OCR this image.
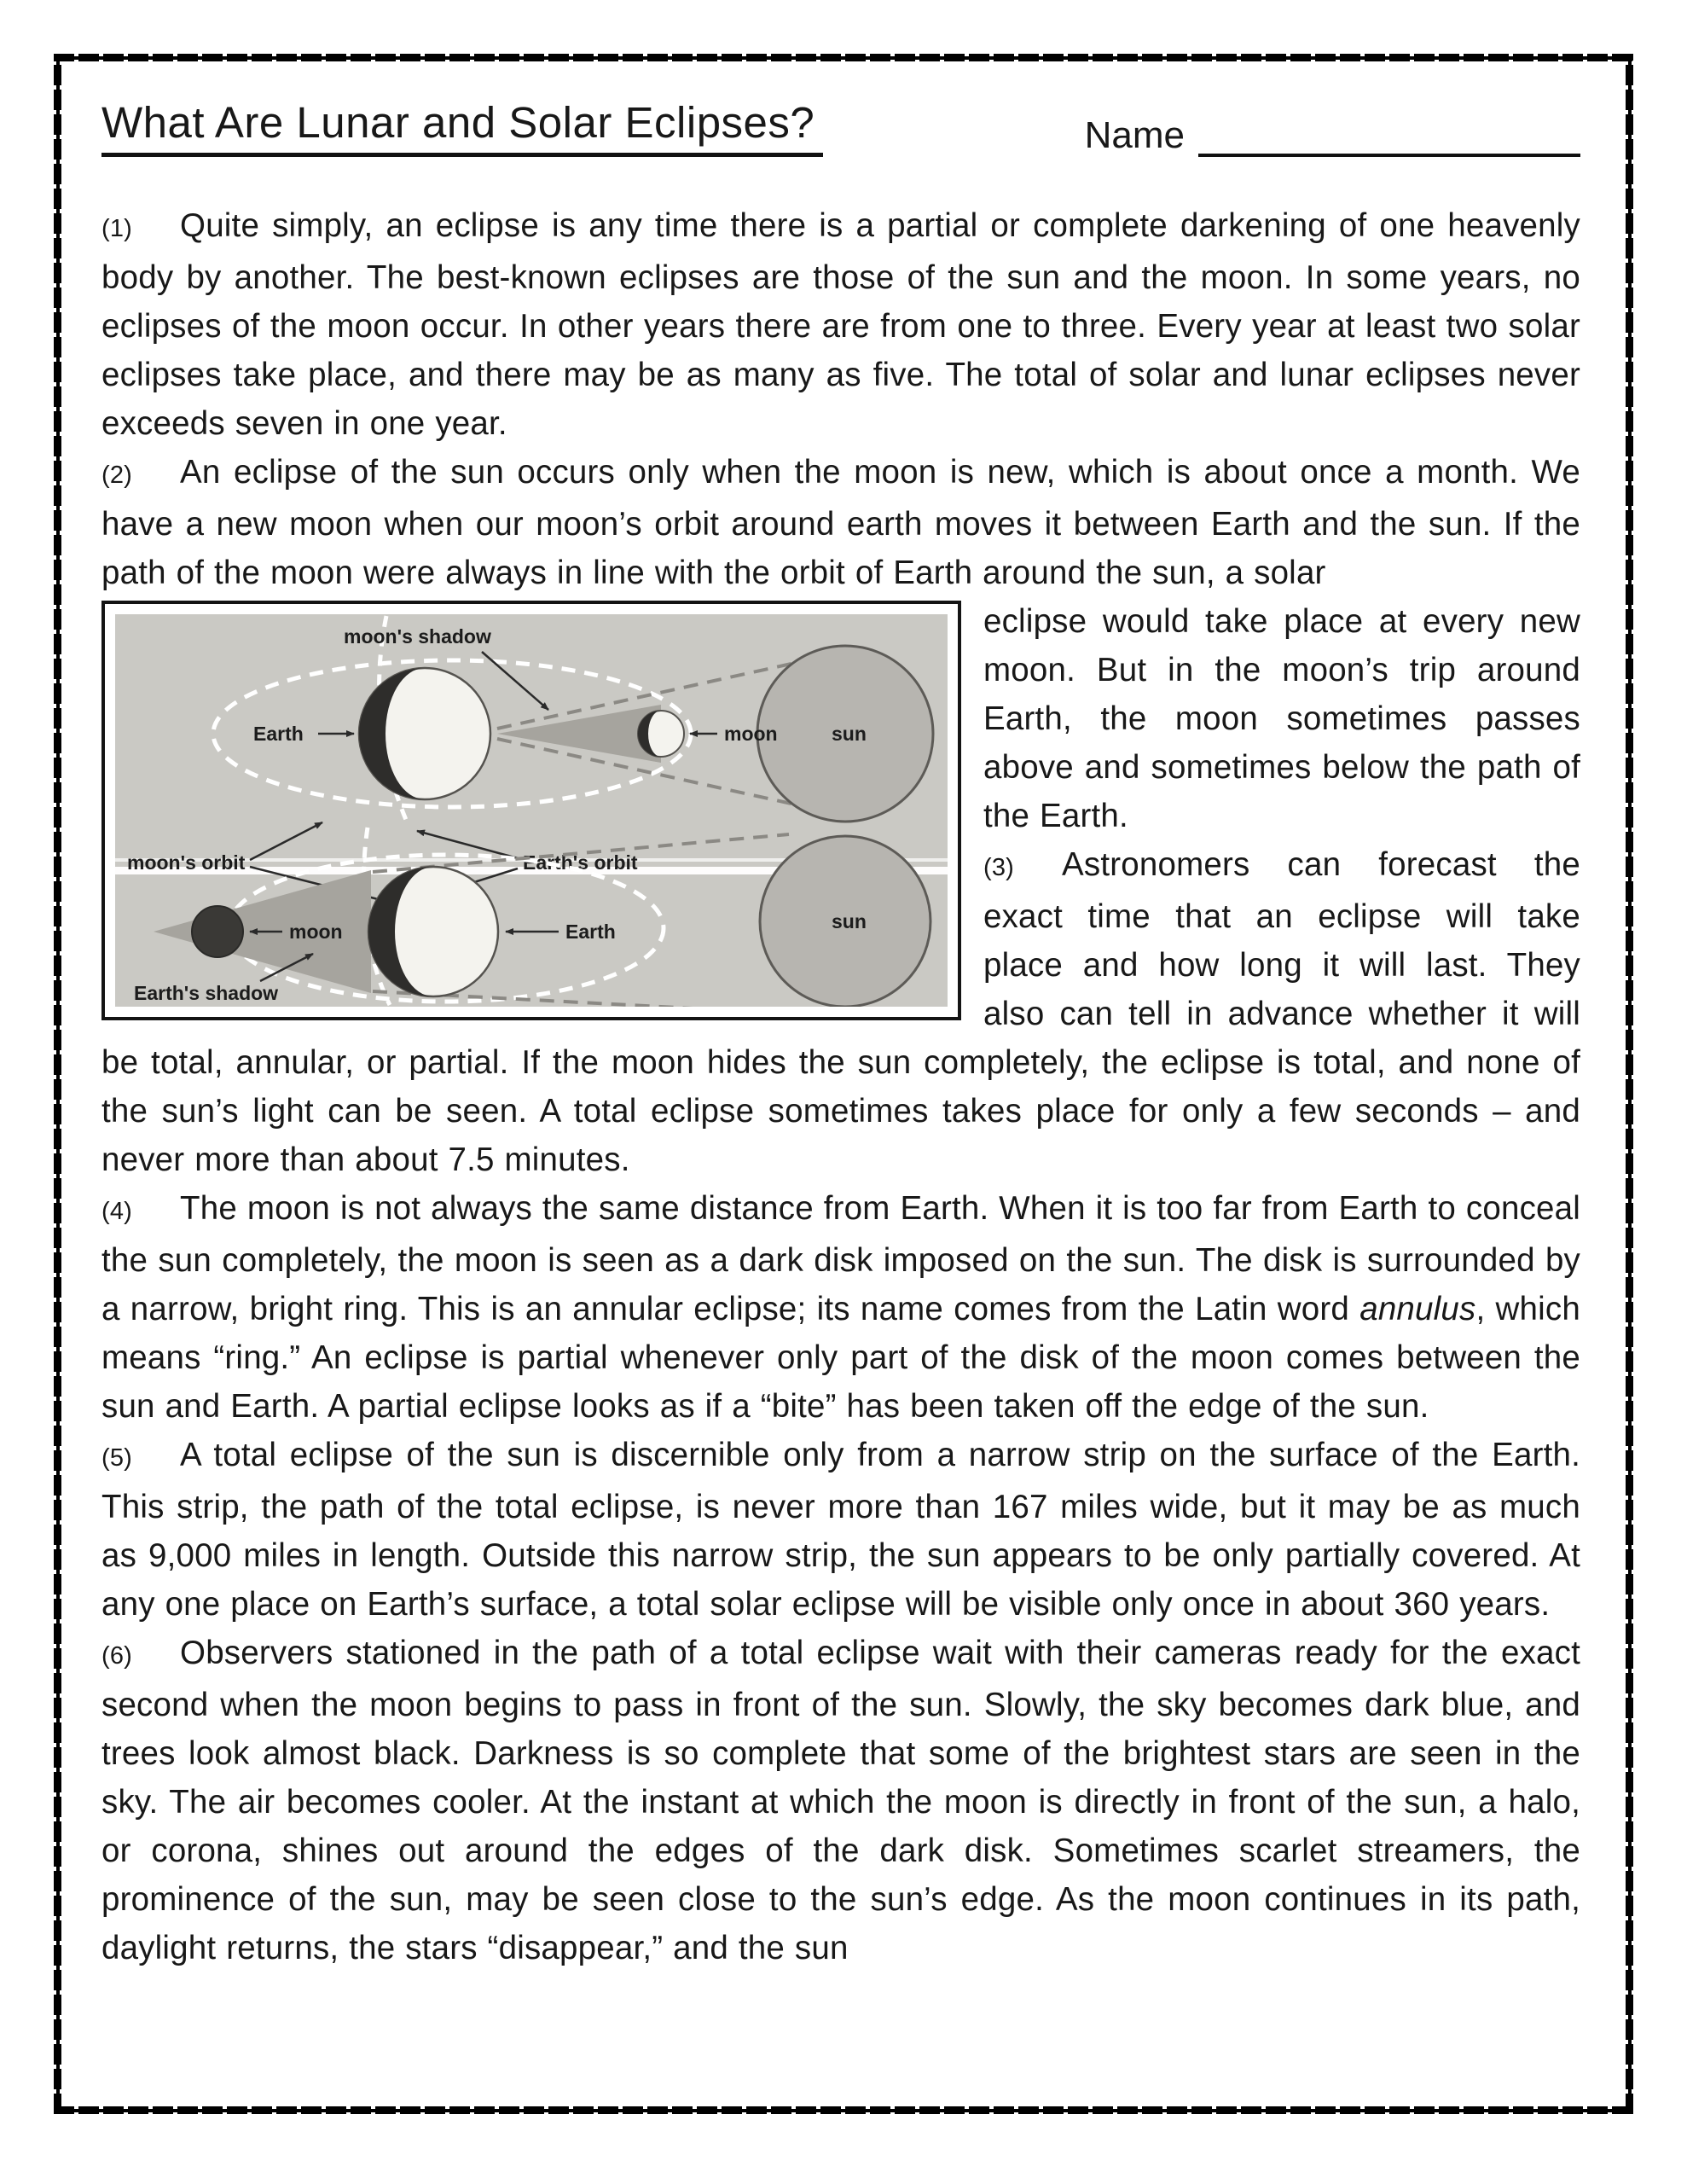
What Are Lunar and Solar Eclipses?	Name

(1) Quite simply, an eclipse is any time there is a partial or complete darkening of one heavenly body by another. The best-known eclipses are those of the sun and the moon. In some years, no eclipses of the moon occur. In other years there are from one to three. Every year at least two solar eclipses take place, and there may be as many as five. The total of solar and lunar eclipses never exceeds seven in one year.

(2) An eclipse of the sun occurs only when the moon is new, which is about once a month. We have a new moon when our moon’s orbit around earth moves it between Earth and the sun. If the path of the moon were always in line with the orbit of Earth around the sun, a solar

sun
moon's shadow
Earth	moon
moon's orbit	Earth's orbit
sun
moon	Earth
Earth's shadow

eclipse would take place at every new moon. But in the moon’s trip around Earth, the moon sometimes passes above and sometimes below the path of the Earth.

(3) Astronomers can forecast the exact time that an eclipse will take place and how long it will last. They also can tell in advance whether it will be total, annular, or partial. If the moon hides the sun completely, the eclipse is total, and none of the sun’s light can be seen. A total eclipse sometimes takes place for only a few seconds – and never more than about 7.5 minutes.

(4) The moon is not always the same distance from Earth. When it is too far from Earth to conceal the sun completely, the moon is seen as a dark disk imposed on the sun. The disk is surrounded by a narrow, bright ring. This is an annular eclipse; its name comes from the Latin word annulus, which means “ring.” An eclipse is partial whenever only part of the disk of the moon comes between the sun and Earth. A partial eclipse looks as if a “bite” has been taken off the edge of the sun.

(5) A total eclipse of the sun is discernible only from a narrow strip on the surface of the Earth. This strip, the path of the total eclipse, is never more than 167 miles wide, but it may be as much as 9,000 miles in length. Outside this narrow strip, the sun appears to be only partially covered. At any one place on Earth’s surface, a total solar eclipse will be visible only once in about 360 years.

(6) Observers stationed in the path of a total eclipse wait with their cameras ready for the exact second when the moon begins to pass in front of the sun. Slowly, the sky becomes dark blue, and trees look almost black. Darkness is so complete that some of the brightest stars are seen in the sky. The air becomes cooler. At the instant at which the moon is directly in front of the sun, a halo, or corona, shines out around the edges of the dark disk. Sometimes scarlet streamers, the prominence of the sun, may be seen close to the sun’s edge. As the moon continues in its path, daylight returns, the stars “disappear,” and the sun
